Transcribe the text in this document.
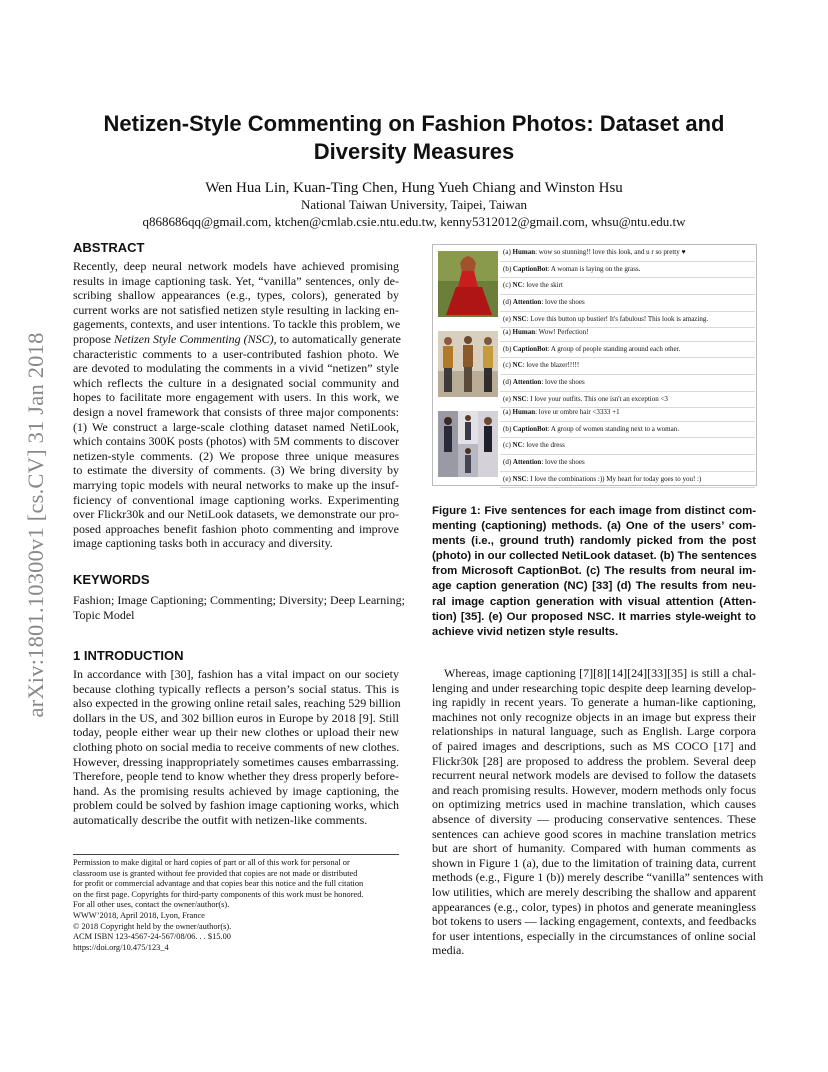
arXiv:1801.10300v1 [cs.CV] 31 Jan 2018
Netizen-Style Commenting on Fashion Photos: Dataset and
Diversity Measures
Wen Hua Lin, Kuan-Ting Chen, Hung Yueh Chiang and Winston Hsu
National Taiwan University, Taipei, Taiwan
q868686qq@gmail.com, ktchen@cmlab.csie.ntu.edu.tw, kenny5312012@gmail.com, whsu@ntu.edu.tw
ABSTRACT
Recently, deep neural network models have achieved promising
results in image captioning task. Yet, “vanilla” sentences, only de-
scribing shallow appearances (e.g., types, colors), generated by
current works are not satisfied netizen style resulting in lacking en-
gagements, contexts, and user intentions. To tackle this problem, we
propose Netizen Style Commenting (NSC), to automatically generate
characteristic comments to a user-contributed fashion photo. We
are devoted to modulating the comments in a vivid “netizen” style
which reflects the culture in a designated social community and
hopes to facilitate more engagement with users. In this work, we
design a novel framework that consists of three major components:
(1) We construct a large-scale clothing dataset named NetiLook,
which contains 300K posts (photos) with 5M comments to discover
netizen-style comments. (2) We propose three unique measures
to estimate the diversity of comments. (3) We bring diversity by
marrying topic models with neural networks to make up the insuf-
ficiency of conventional image captioning works. Experimenting
over Flickr30k and our NetiLook datasets, we demonstrate our pro-
posed approaches benefit fashion photo commenting and improve
image captioning tasks both in accuracy and diversity.
KEYWORDS
Fashion; Image Captioning; Commenting; Diversity; Deep Learning;
Topic Model
1 INTRODUCTION
In accordance with [30], fashion has a vital impact on our society
because clothing typically reflects a person’s social status. This is
also expected in the growing online retail sales, reaching 529 billion
dollars in the US, and 302 billion euros in Europe by 2018 [9]. Still
today, people either wear up their new clothes or upload their new
clothing photo on social media to receive comments of new clothes.
However, dressing inappropriately sometimes causes embarrassing.
Therefore, people tend to know whether they dress properly before-
hand. As the promising results achieved by image captioning, the
problem could be solved by fashion image captioning works, which
automatically describe the outfit with netizen-like comments.
Permission to make digital or hard copies of part or all of this work for personal or
classroom use is granted without fee provided that copies are not made or distributed
for profit or commercial advantage and that copies bear this notice and the full citation
on the first page. Copyrights for third-party components of this work must be honored.
For all other uses, contact the owner/author(s).
WWW’2018, April 2018, Lyon, France
© 2018 Copyright held by the owner/author(s).
ACM ISBN 123-4567-24-567/08/06. . . $15.00
https://doi.org/10.475/123_4
(a) Human: wow so stunning!! love this look, and u r so pretty ♥
(b) CaptionBot: A woman is laying on the grass.
(c) NC: love the skirt
(d) Attention: love the shoes
(e) NSC: Love this button up bustier! It's fabulous! This look is amazing.
(a) Human: Wow! Perfection!
(b) CaptionBot: A group of people standing around each other.
(c) NC: love the blazer!!!!!
(d) Attention: love the shoes
(e) NSC: I love your outfits. This one isn't an exception <3
(a) Human: love ur ombre hair <3333 +1
(b) CaptionBot: A group of women standing next to a woman.
(c) NC: love the dress
(d) Attention: love the shoes
(e) NSC: I love the combinations :)) My heart for today goes to you! :)
Figure 1: Five sentences for each image from distinct com-
menting (captioning) methods. (a) One of the users’ com-
ments (i.e., ground truth) randomly picked from the post
(photo) in our collected NetiLook dataset. (b) The sentences
from Microsoft CaptionBot. (c) The results from neural im-
age caption generation (NC) [33] (d) The results from neu-
ral image caption generation with visual attention (Atten-
tion) [35]. (e) Our proposed NSC. It marries style-weight to
achieve vivid netizen style results.
Whereas, image captioning [7][8][14][24][33][35] is still a chal-
lenging and under researching topic despite deep learning develop-
ing rapidly in recent years. To generate a human-like captioning,
machines not only recognize objects in an image but express their
relationships in natural language, such as English. Large corpora
of paired images and descriptions, such as MS COCO [17] and
Flickr30k [28] are proposed to address the problem. Several deep
recurrent neural network models are devised to follow the datasets
and reach promising results. However, modern methods only focus
on optimizing metrics used in machine translation, which causes
absence of diversity — producing conservative sentences. These
sentences can achieve good scores in machine translation metrics
but are short of humanity. Compared with human comments as
shown in Figure 1 (a), due to the limitation of training data, current
methods (e.g., Figure 1 (b)) merely describe “vanilla” sentences with
low utilities, which are merely describing the shallow and apparent
appearances (e.g., color, types) in photos and generate meaningless
bot tokens to users — lacking engagement, contexts, and feedbacks
for user intentions, especially in the circumstances of online social
media.
